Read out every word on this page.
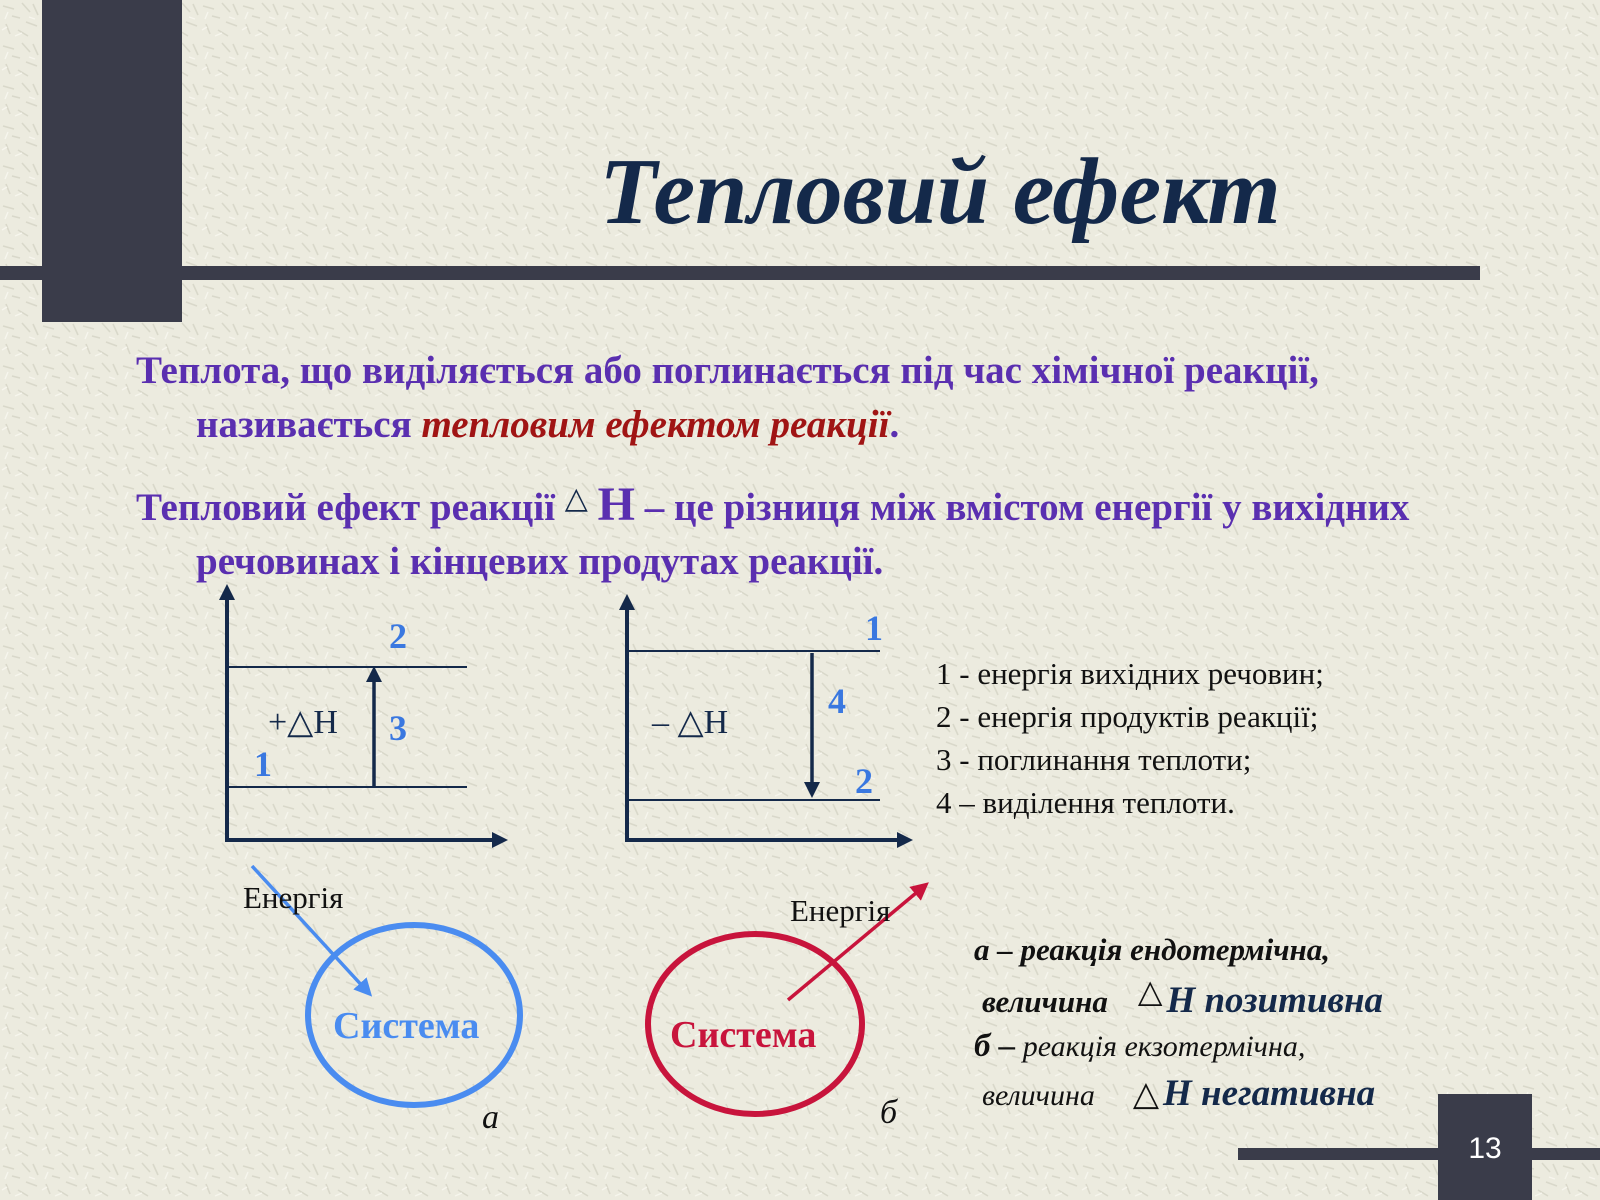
Тепловий ефект
Теплота, що виділяється або поглинається під час хімічної реакції, називається тепловим ефектом реакції.
Тепловий ефект реакції △ Н – це різниця між вмістом енергії у вихідних речовинах і кінцевих продутах реакції.
2
1
3
+△Н
1
2
4
– △Н
Енергія
Система
а
Енергія
Система
б
1 - енергія вихідних речовин;
2 - енергія продуктів реакції;
3 - поглинання теплоти;
4 – виділення теплоти.
а – реакція ендотермічна,
величина △ Н позитивна
б – реакція екзотермічна,
величина △ Н негативна
13
